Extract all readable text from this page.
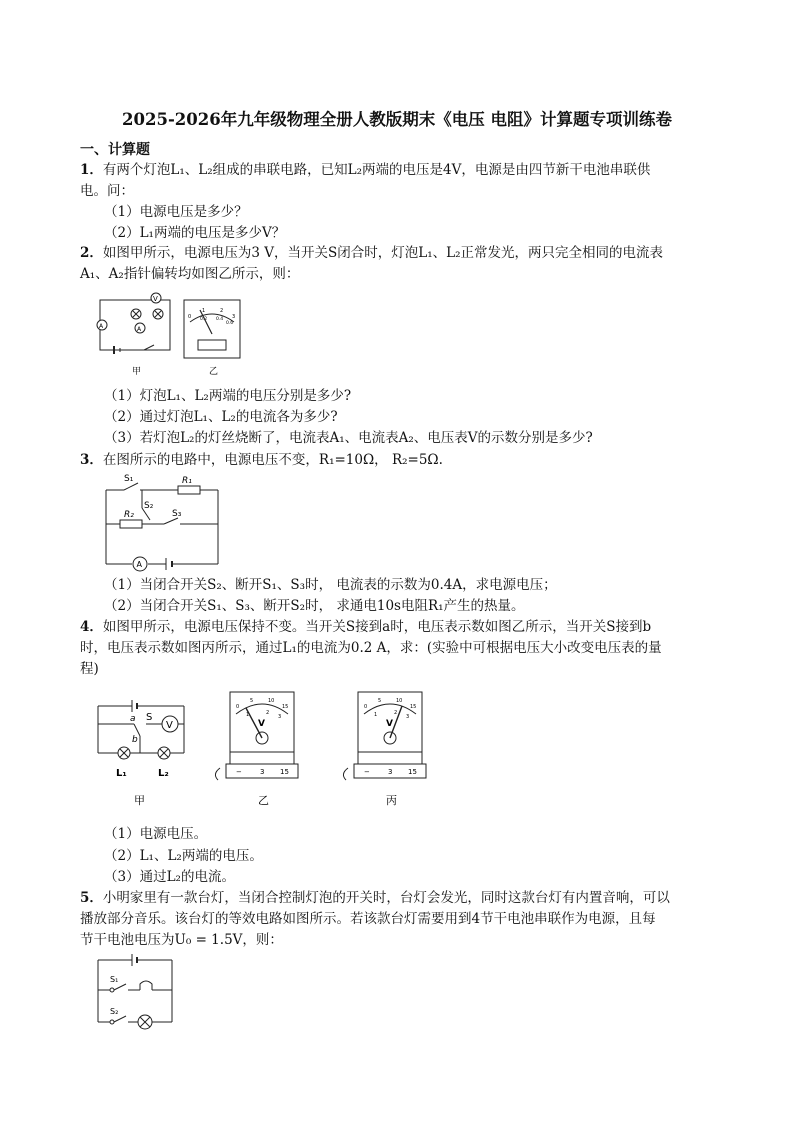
2025-2026年九年级物理全册人教版期末《电压 电阻》计算题专项训练卷
一、计算题
1．有两个灯泡L₁、L₂组成的串联电路，已知L₂两端的电压是4V，电源是由四节新干电池串联供
电。问：
（1）电源电压是多少？
（2）L₁两端的电压是多少V？
2．如图甲所示，电源电压为3 V，当开关S闭合时，灯泡L₁、L₂正常发光，两只完全相同的电流表
A₁、A₂指针偏转均如图乙所示，则：
V
A	A
0
1	2
3
0.2 0.4
0.6
甲	乙
（1）灯泡L₁、L₂两端的电压分别是多少?
（2）通过灯泡L₁、L₂的电流各为多少?
（3）若灯泡L₂的灯丝烧断了，电流表A₁、电流表A₂、电压表V的示数分别是多少?
3．在图所示的电路中，电源电压不变，R₁=10Ω， R₂=5Ω.
S₁
S₂
S₃
R₁
R₂
A
（1）当闭合开关S₂、断开S₁、S₃时， 电流表的示数为0.4A，求电源电压；
（2）当闭合开关S₁、S₃、断开S₂时， 求通电10s电阻R₁产生的热量。
4．如图甲所示，电源电压保持不变。当开关S接到a时，电压表示数如图乙所示，当开关S接到b
时，电压表示数如图丙所示，通过L₁的电流为0.2 A，求：(实验中可根据电压大小改变电压表的量
程)
a
b
S
V
L₁	L₂
0
5	10
15
1	2
3
V
−	3 15
0
5	10
15
1	2
3
V
−	3 15
甲	乙	丙
（1）电源电压。
（2）L₁、L₂两端的电压。
（3）通过L₂的电流。
5．小明家里有一款台灯，当闭合控制灯泡的开关时，台灯会发光，同时这款台灯有内置音响，可以
播放部分音乐。该台灯的等效电路如图所示。若该款台灯需要用到4节干电池串联作为电源，且每
节干电池电压为U₀ = 1.5V，则：
S₁
S₂
